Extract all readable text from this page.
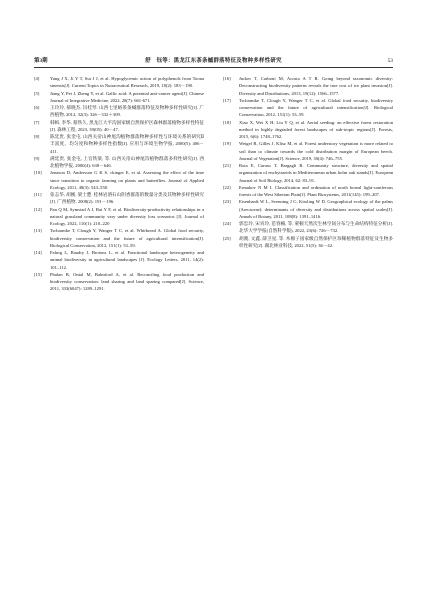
第3期	舒　钰等：黑龙江东茶条槭群落特征及物种多样性研究	53
[4]	Yang J X, Ji Y T, Sui J J, et al. Hypoglycemic action of polyphenols from Toona sinensis[J]. Current Topics in Nutraceutical Research, 2019, 18(2): 183－190.
[5]	Jiang Y, Pei J, Zheng Y, et al. Gallic acid: A potential anti-cancer agent[J]. Chinese Journal of Integrative Medicine, 2022, 28(7): 661-671.
[6]	王玲玲, 郝晓杰, 闫桂琴. 山西七里峪茶条槭群落特征及物种多样性研究[J]. 广西植物, 2012, 32(3): 326－332＋309.
[7]	韩帜, 李华, 蔡铁久, 黑龙江大平沟国家级自然保护区森林群落植物多样性特征[J]. 森林工程, 2023, 39(05): 40－47.
[8]	陈廷贵, 张金屯. 山西关帝山神尾沟植物群落物种多样性与环境关系的研究Ⅱ丰富度、均匀度和物种多样性指数[J]. 应用与环境生物学报, 2000(5): 406－411.
[9]	满廷贵, 张金屯, 上官铁梁, 等. 山西关帝山神尾沟植物群落多样性研究[J]. 西北植物学报, 2000(4): 638－646.
[10]	Jonason D, Andersson G K S, ckinger E, et al. Assessing the effect of the time since transition to organic farming on plants and butterflies. Journal of Applied Ecology, 2011, 48(3): 543–550.
[11]	张志华, 胡刚, 梁士楚. 桂林岩溶石山阴香群落的数量分类及其物种多样性研究[J]. 广西植物, 2008(2): 191－196.
[12]	Pan Q M, Symstad A J, Bai Y F, et al. Biodiversity-productivity relationships in a natural grassland community vary under diversity loss scenarios [J]. Journal of Ecology, 2022, 110(1): 210–220
[13]	Tscharntke T, Clough Y, Wanger T C, et al. Whitbread A. Global food security, biodiversity conservation and the future of agricultural intensification[J]. Biological Conservation, 2012, 151(1): 53–59.
[14]	Fahrig L, Baudry J, Brotons L, et al. Functional landscape heterogeneity and animal biodiversity in agricultural landscapes [J]. Ecology Letters, 2011, 14(2): 101–112.
[15]	Phalan B, Onial M, Balmford A, et al. Reconciling food production and biodiversity conservation: land sharing and land sparing compared[J]. Science, 2011, 333(6047): 1289–1291.
[16]	Jucker T, Carboni M, Acosta A T R. Going beyond taxonomic diversity: Deconstructing biodiversity patterns reveals the true cost of ice plant invasion[J]. Diversity and Distributions, 2013, 19(12): 1566–1577.
[17]	Tscharntke T, Clough Y, Wanger T C, et al. Global food security, biodiversity conservation and the future of agricultural intensification[J]. Biological Conservation, 2012, 151(1): 53–59.
[18]	Xiao X, Wei X H, Liu Y Q, et al. Aerial seeding: an effective forest restoration method in highly degraded forest landscapes of sub-tropic regions[J]. Forests, 2015, 6(6): 1748–1762.
[19]	Weigel R, Gilles J, Klisz M, et al. Forest understory vegetation is more related to soil than to climate towards the cold distribution margin of European beech. Journal of Vegetation[J]. Science, 2019, 30(4): 746–755.
[21]	Rota E, Caruso T, Bargagli R. Community structure, diversity and spatial organization of enchytraeids in Mediterranean urban holm oak stands[J]. European Journal of Soil Biology, 2014, 62: 83–91.
[22]	Ermakov N M I. Classification and ordination of north boreal light-coniferous forests of the West Siberian Plain[J]. Plant Biosystems, 2011(145): 199–207.
[23]	Eisenhardt W L, Svenning J C, Kissling W D. Geographical ecology of the palms (Arecaceae): determinants of diversity and distributions across spatial scales[J]. Annals of Botany, 2011, 108(8): 1391–1416.
[24]	郭忠玲, 宋宵玲, 范春楠, 等. 蒙顿天然次生林空间分布与生命结构特征分析[J]. 北华大学学报(自然科学版), 2022, 23(6): 726－732.
[25]	胡澳, 文鑫, 薛卫星, 等. 木棉子国家级自然保护区珍稀植物群落特征及生物多样性研究[J]. 湖北林业科技, 2022, 51(5): 36－42.
